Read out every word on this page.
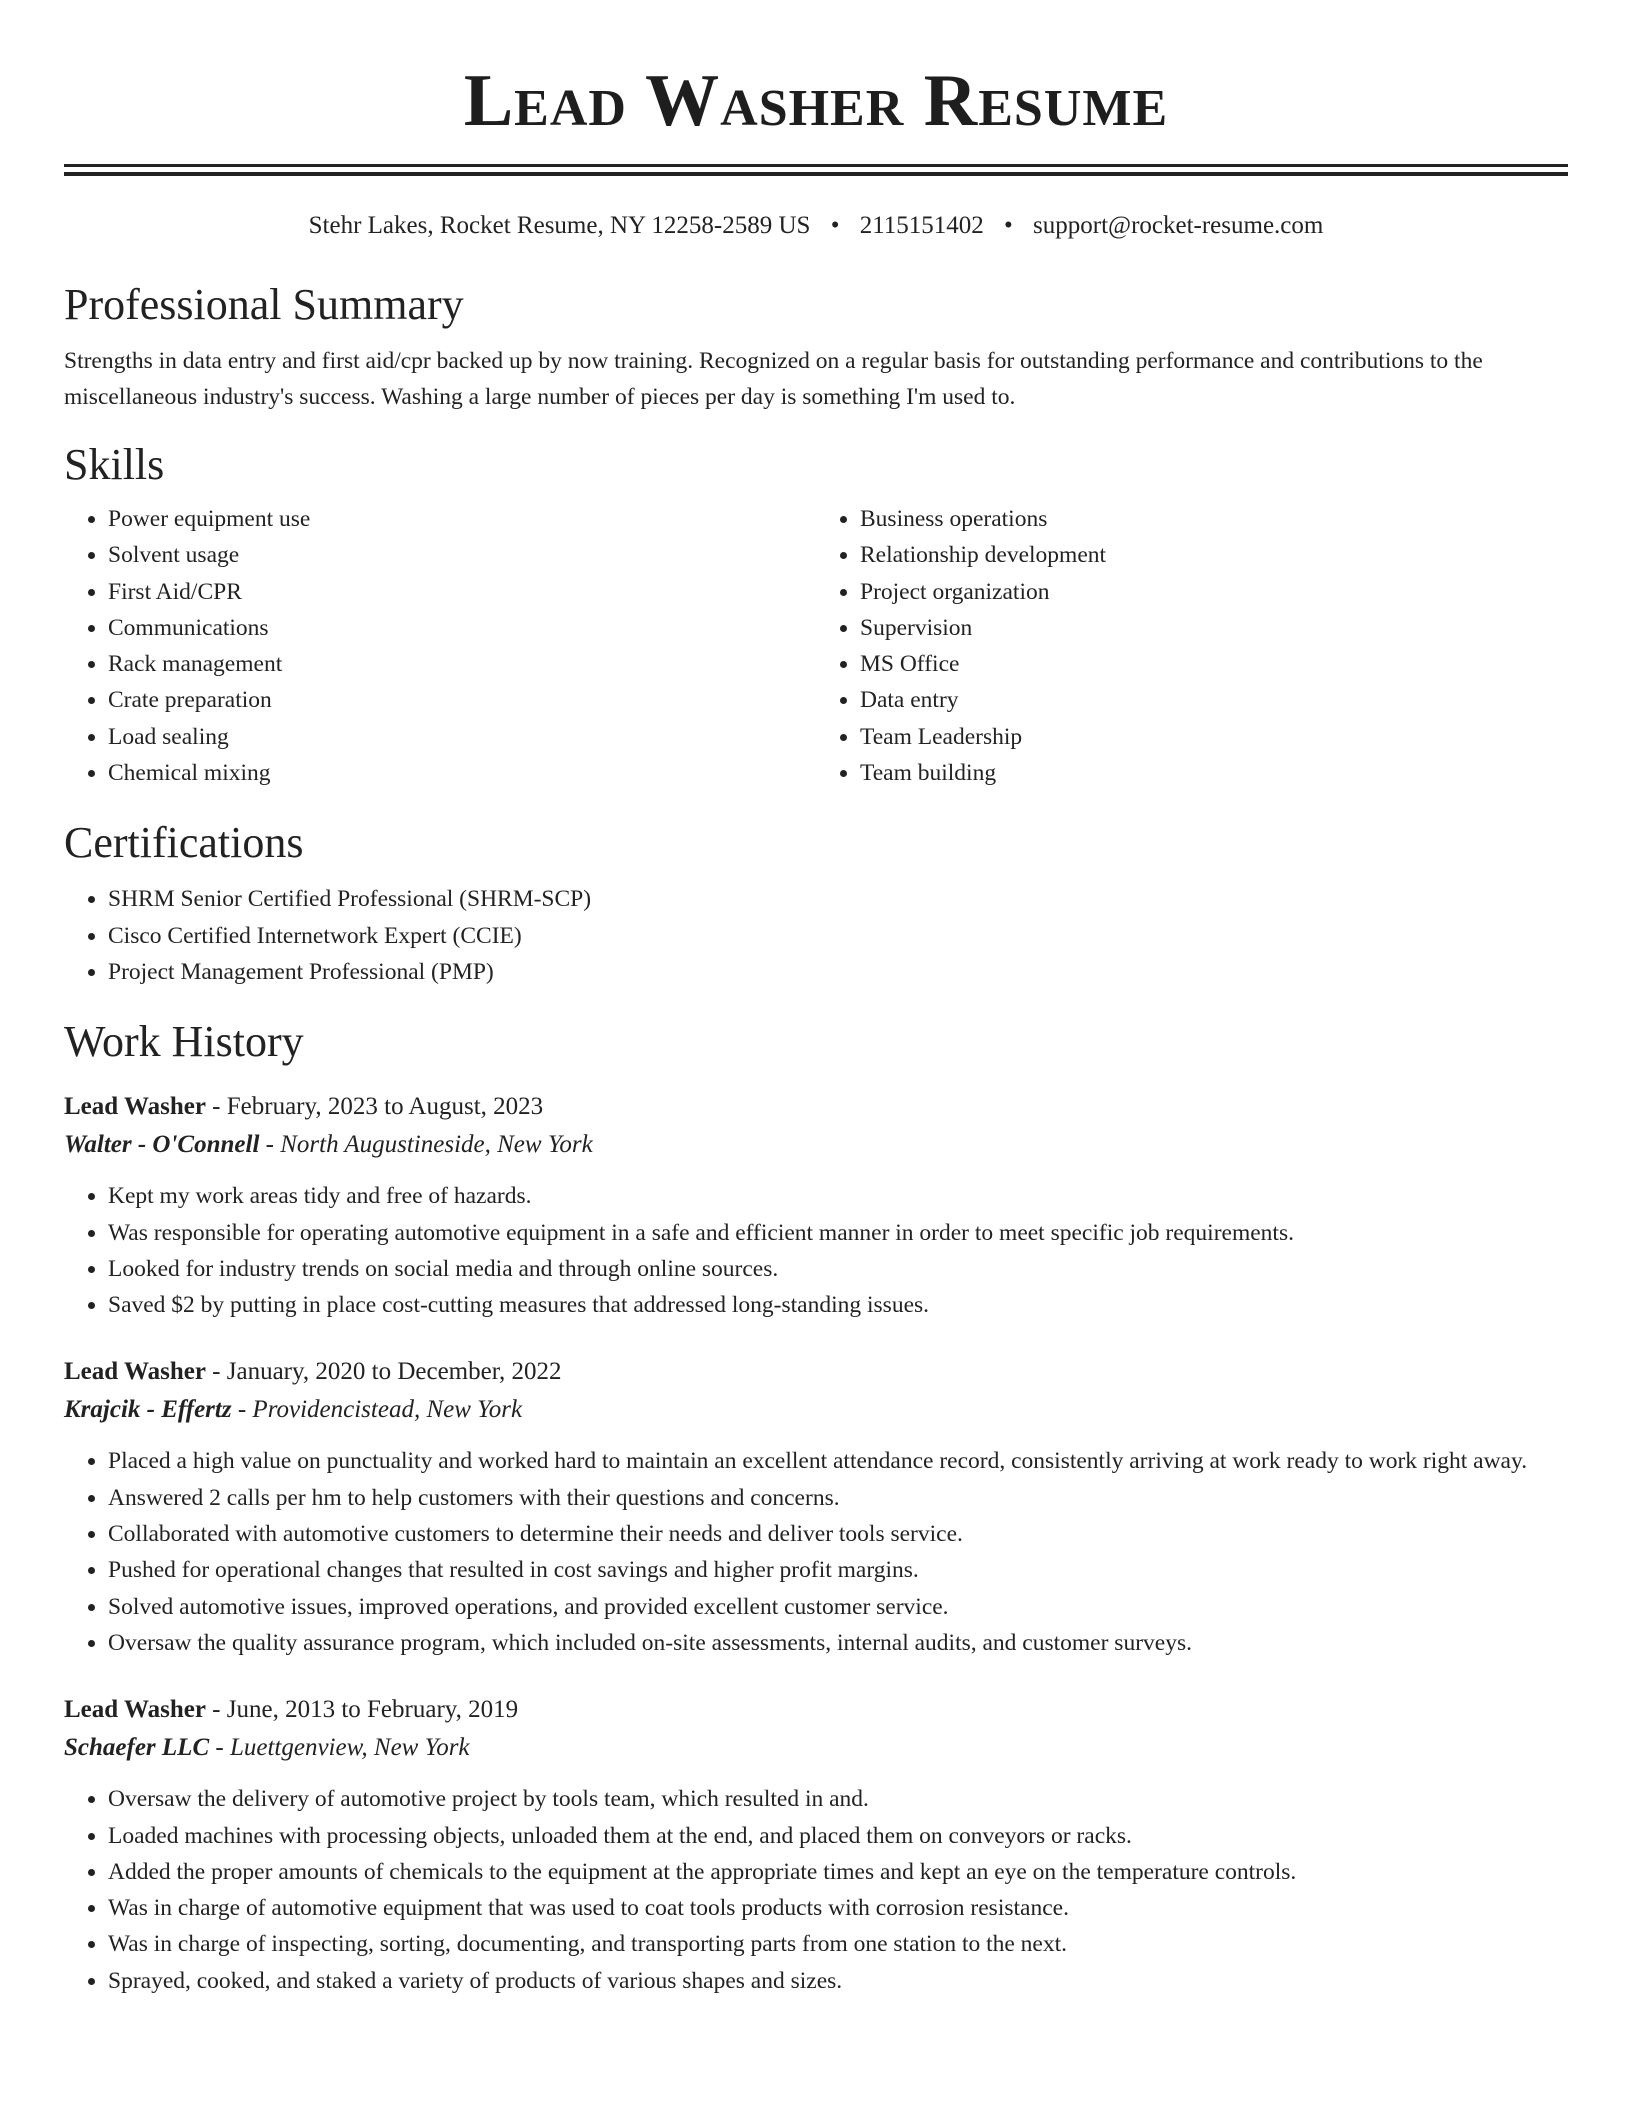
Lead Washer Resume
Stehr Lakes, Rocket Resume, NY 12258-2589 US • 2115151402 • support@rocket-resume.com
Professional Summary

Strengths in data entry and first aid/cpr backed up by now training. Recognized on a regular basis for outstanding performance and contributions to the miscellaneous industry's success. Washing a large number of pieces per day is something I'm used to.

Skills
• Power equipment use
• Solvent usage
• First Aid/CPR
• Communications
• Rack management
• Crate preparation
• Load sealing
• Chemical mixing
• Business operations
• Relationship development
• Project organization
• Supervision
• MS Office
• Data entry
• Team Leadership
• Team building
Certifications
• SHRM Senior Certified Professional (SHRM-SCP)
• Cisco Certified Internetwork Expert (CCIE)
• Project Management Professional (PMP)
Work History
Lead Washer - February, 2023 to August, 2023
Walter - O'Connell - North Augustineside, New York
• Kept my work areas tidy and free of hazards.
• Was responsible for operating automotive equipment in a safe and efficient manner in order to meet specific job requirements.
• Looked for industry trends on social media and through online sources.
• Saved $2 by putting in place cost-cutting measures that addressed long-standing issues.
Lead Washer - January, 2020 to December, 2022
Krajcik - Effertz - Providencistead, New York
• Placed a high value on punctuality and worked hard to maintain an excellent attendance record, consistently arriving at work ready to work right away.
• Answered 2 calls per hm to help customers with their questions and concerns.
• Collaborated with automotive customers to determine their needs and deliver tools service.
• Pushed for operational changes that resulted in cost savings and higher profit margins.
• Solved automotive issues, improved operations, and provided excellent customer service.
• Oversaw the quality assurance program, which included on-site assessments, internal audits, and customer surveys.
Lead Washer - June, 2013 to February, 2019
Schaefer LLC - Luettgenview, New York
• Oversaw the delivery of automotive project by tools team, which resulted in and.
• Loaded machines with processing objects, unloaded them at the end, and placed them on conveyors or racks.
• Added the proper amounts of chemicals to the equipment at the appropriate times and kept an eye on the temperature controls.
• Was in charge of automotive equipment that was used to coat tools products with corrosion resistance.
• Was in charge of inspecting, sorting, documenting, and transporting parts from one station to the next.
• Sprayed, cooked, and staked a variety of products of various shapes and sizes.
